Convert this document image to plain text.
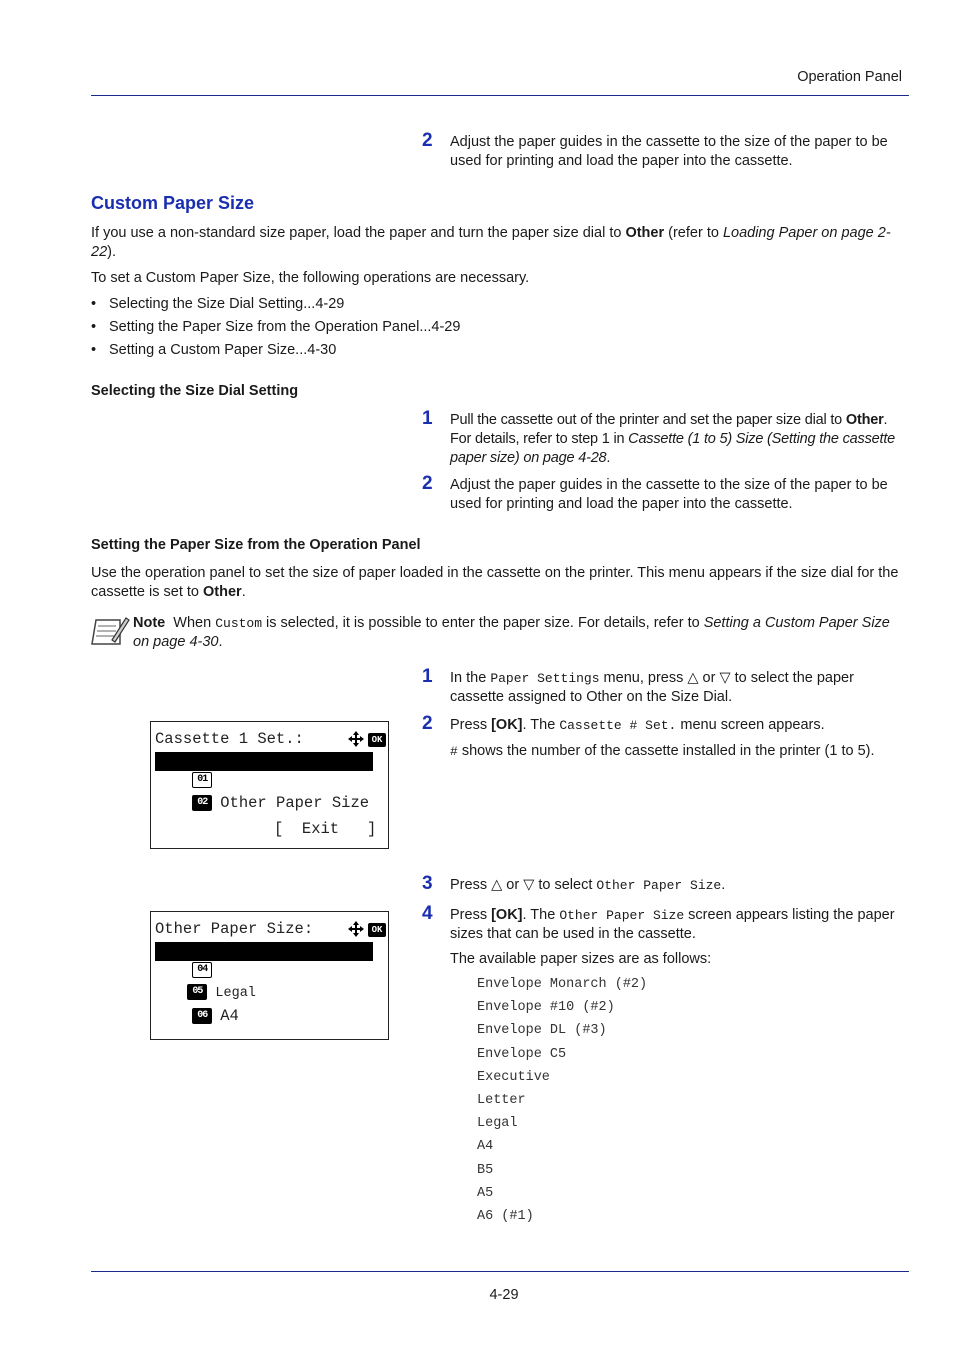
Operation Panel
2 Adjust the paper guides in the cassette to the size of the paper to be used for printing and load the paper into the cassette.
Custom Paper Size
If you use a non-standard size paper, load the paper and turn the paper size dial to Other (refer to Loading Paper on page 2-22).
To set a Custom Paper Size, the following operations are necessary.
• Selecting the Size Dial Setting...4-29
• Setting the Paper Size from the Operation Panel...4-29
• Setting a Custom Paper Size...4-30
Selecting the Size Dial Setting
1 Pull the cassette out of the printer and set the paper size dial to Other. For details, refer to step 1 in Cassette (1 to 5) Size (Setting the cassette paper size) on page 4-28.
2 Adjust the paper guides in the cassette to the size of the paper to be used for printing and load the paper into the cassette.
Setting the Paper Size from the Operation Panel
Use the operation panel to set the size of paper loaded in the cassette on the printer. This menu appears if the size dial for the cassette is set to Other.
Note When Custom is selected, it is possible to enter the paper size. For details, refer to Setting a Custom Paper Size on page 4-30.
1 In the Paper Settings menu, press △ or ▽ to select the paper cassette assigned to Other on the Size Dial.
2 Press [OK]. The Cassette # Set. menu screen appears.
# shows the number of the cassette installed in the printer (1 to 5).
Cassette 1 Set.:	OK

01 Media Type

02 Other Paper Size

[  Exit   ]
3 Press △ or ▽ to select Other Paper Size.
4 Press [OK]. The Other Paper Size screen appears listing the paper sizes that can be used in the cassette.
The available paper sizes are as follows:
Other Paper Size:	OK

04 *Letter

05 Legal

06 A4

Envelope Monarch (#2)
Envelope #10 (#2)
Envelope DL (#3)
Envelope C5
Executive
Letter
Legal
A4
B5
A5
A6 (#1)
4-29
